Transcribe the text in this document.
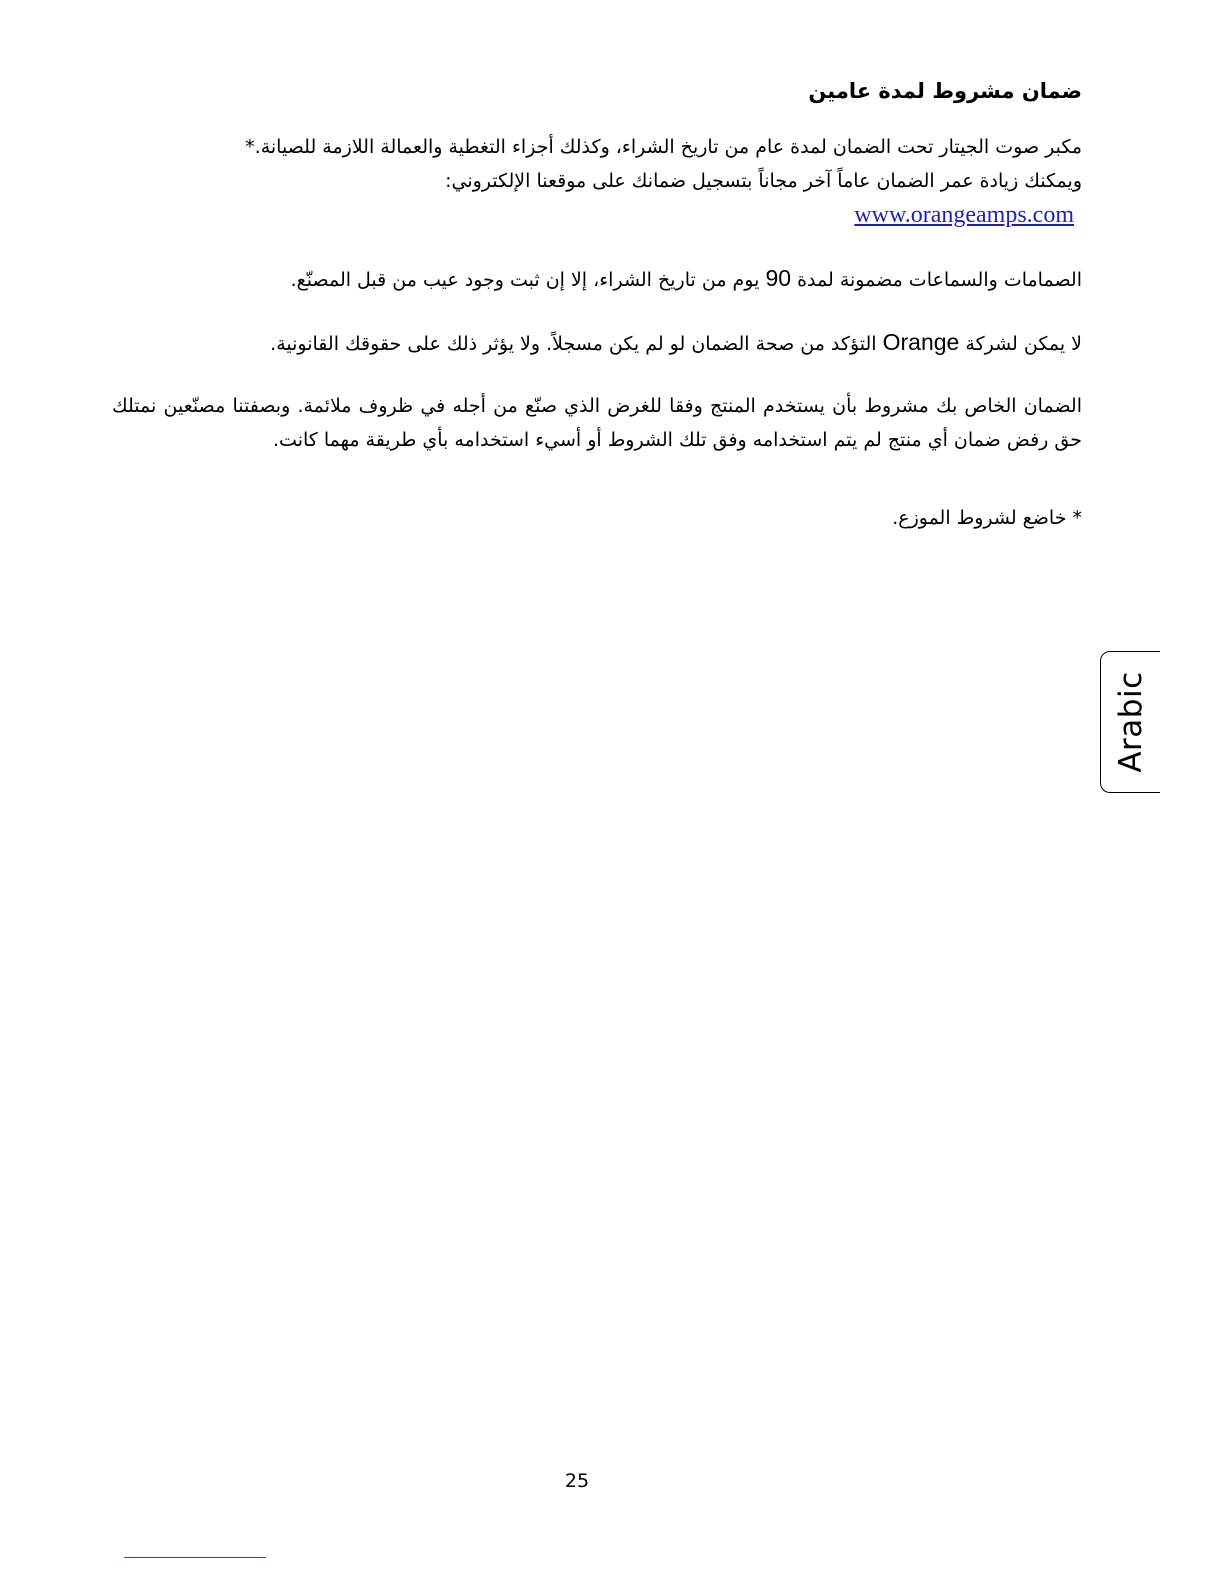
ضمان مشروط لمدة عامين
مكبر صوت الجيتار تحت الضمان لمدة عام من تاريخ الشراء، وكذلك أجزاء التغطية والعمالة اللازمة للصيانة.*
ويمكنك زيادة عمر الضمان عاماً آخر مجاناً بتسجيل ضمانك على موقعنا الإلكتروني:
www.orangeamps.com
الصمامات والسماعات مضمونة لمدة 90 يوم من تاريخ الشراء، إلا إن ثبت وجود عيب من قبل المصنّع.
لا يمكن لشركة Orange التؤكد من صحة الضمان لو لم يكن مسجلاً. ولا يؤثر ذلك على حقوقك القانونية.
الضمان الخاص بك مشروط بأن يستخدم المنتج وفقا للغرض الذي صنّع من أجله في ظروف ملائمة. وبصفتنا مصنّعين نمتلك حق رفض ضمان أي منتج لم يتم استخدامه وفق تلك الشروط أو أسيء استخدامه بأي طريقة مهما كانت.
* خاضع لشروط الموزع.
Arabic
25
